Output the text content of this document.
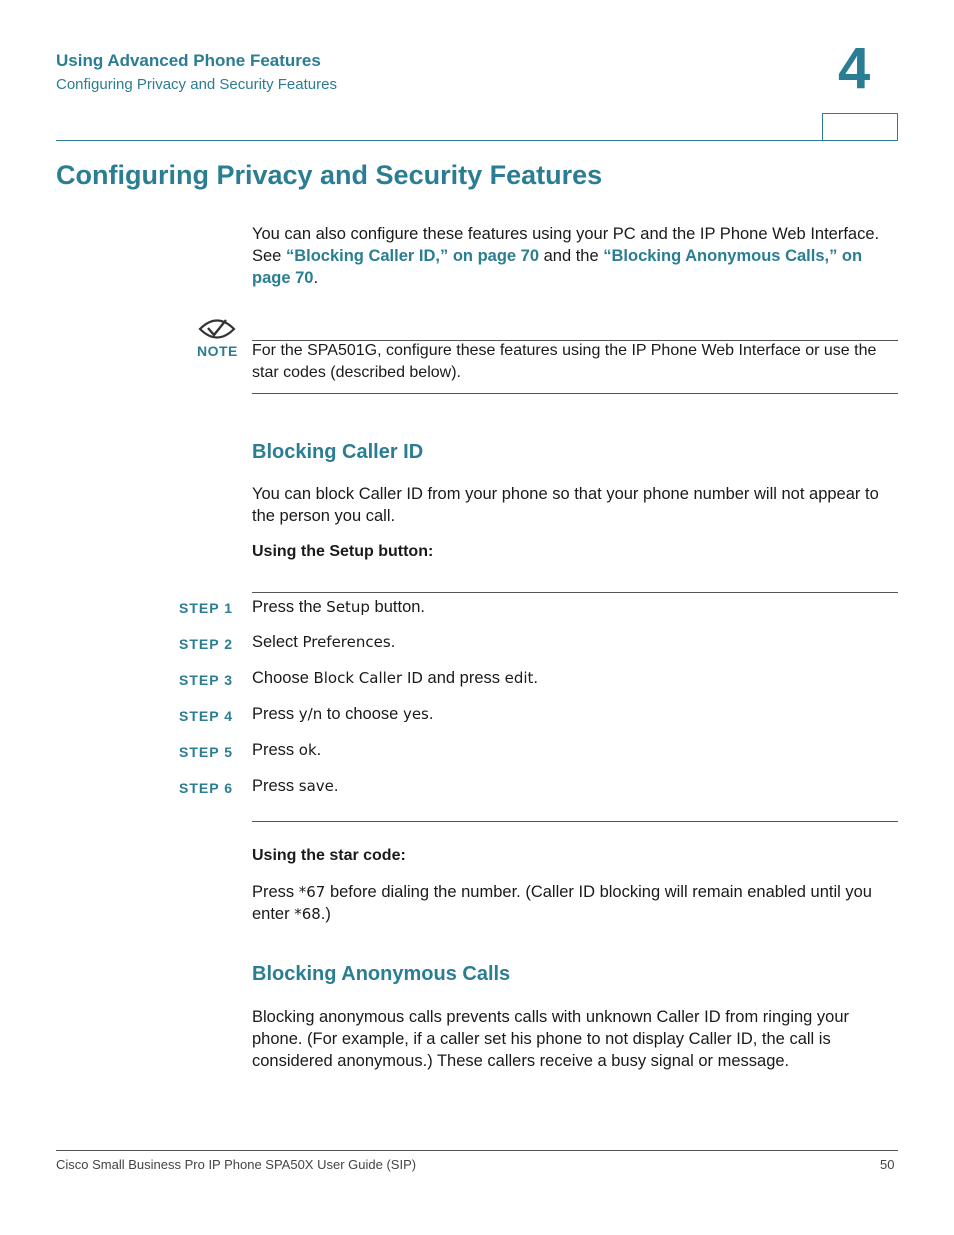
Using Advanced Phone Features
Configuring Privacy and Security Features	4
Configuring Privacy and Security Features
You can also configure these features using your PC and the IP Phone Web Interface. See “Blocking Caller ID,” on page 70 and the “Blocking Anonymous Calls,” on page 70.
NOTE For the SPA501G, configure these features using the IP Phone Web Interface or use the star codes (described below).
Blocking Caller ID
You can block Caller ID from your phone so that your phone number will not appear to the person you call.
Using the Setup button:
STEP 1 Press the Setup button.
STEP 2 Select Preferences.
STEP 3 Choose Block Caller ID and press edit.
STEP 4 Press y/n to choose yes.
STEP 5 Press ok.
STEP 6 Press save.
Using the star code:
Press *67 before dialing the number. (Caller ID blocking will remain enabled until you enter *68.)
Blocking Anonymous Calls
Blocking anonymous calls prevents calls with unknown Caller ID from ringing your phone. (For example, if a caller set his phone to not display Caller ID, the call is considered anonymous.) These callers receive a busy signal or message.
Cisco Small Business Pro IP Phone SPA50X User Guide (SIP)	50
